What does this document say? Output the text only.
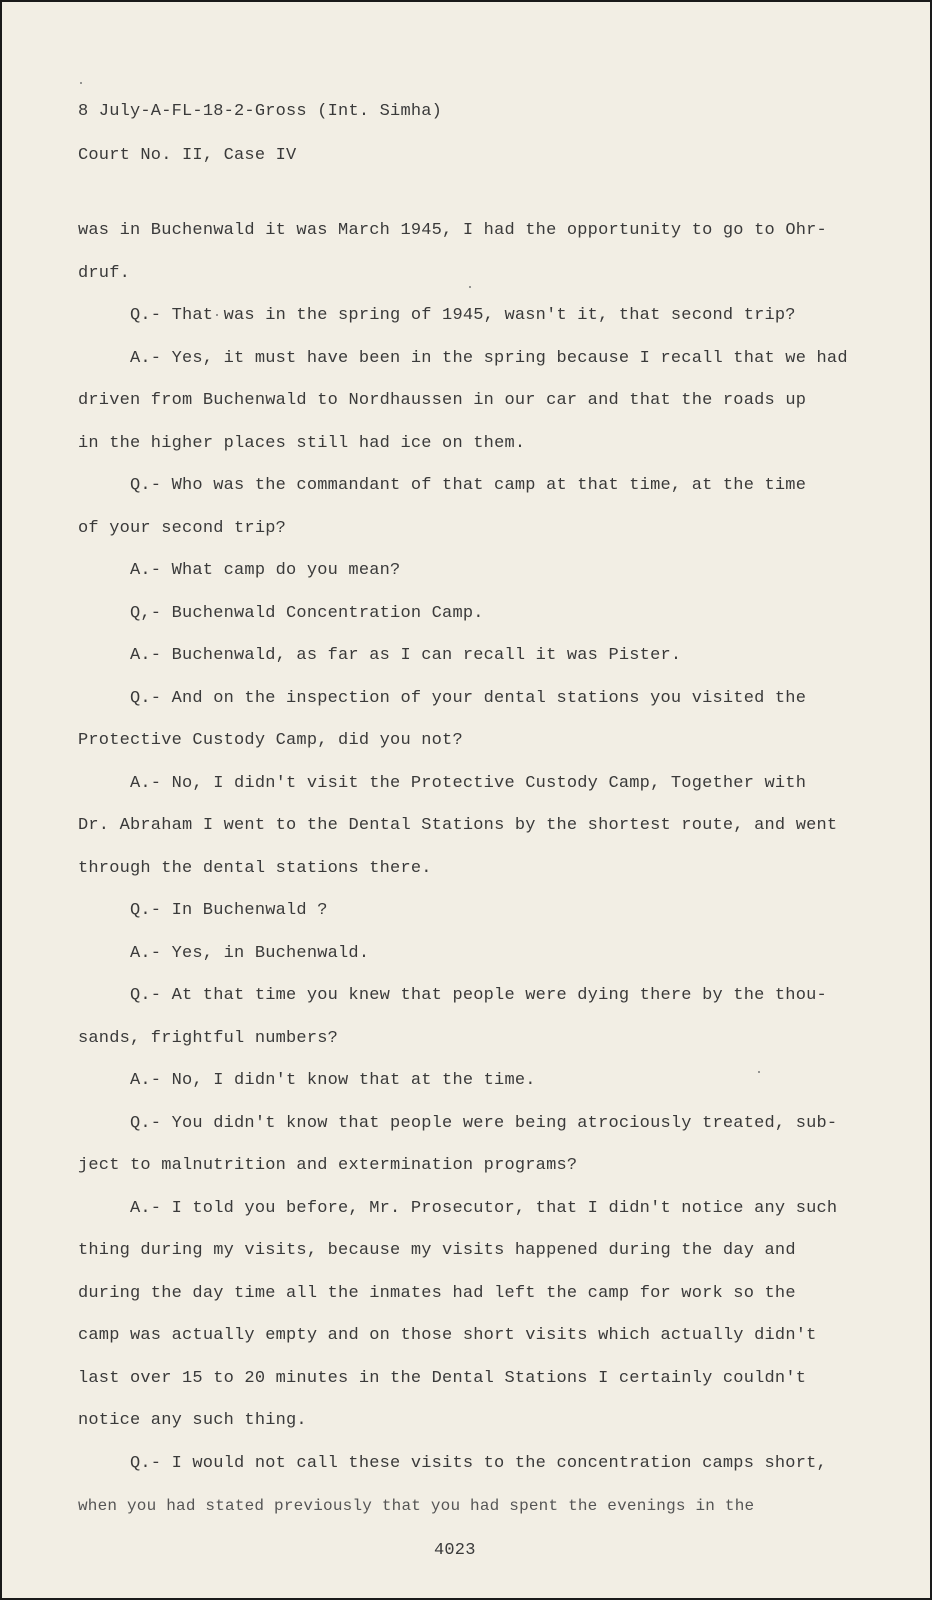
8 July-A-FL-18-2-Gross (Int. Simha)
Court No. II, Case IV
was in Buchenwald it was March 1945, I had the opportunity to go to Ohr-
druf.
Q.- That was in the spring of 1945, wasn't it, that second trip?
A.- Yes, it must have been in the spring because I recall that we had
driven from Buchenwald to Nordhaussen in our car and that the roads up
in the higher places still had ice on them.
Q.- Who was the commandant of that camp at that time, at the time
of your second trip?
A.- What camp do you mean?
Q,- Buchenwald Concentration Camp.
A.- Buchenwald, as far as I can recall it was Pister.
Q.- And on the inspection of your dental stations you visited the
Protective Custody Camp, did you not?
A.- No, I didn't visit the Protective Custody Camp, Together with
Dr. Abraham I went to the Dental Stations by the shortest route, and went
through the dental stations there.
Q.- In Buchenwald ?
A.- Yes, in Buchenwald.
Q.- At that time you knew that people were dying there by the thou-
sands, frightful numbers?
A.- No, I didn't know that at the time.
Q.- You didn't know that people were being atrociously treated, sub-
ject to malnutrition and extermination programs?
A.- I told you before, Mr. Prosecutor, that I didn't notice any such
thing during my visits, because my visits happened during the day and
during the day time all the inmates had left the camp for work so the
camp was actually empty and on those short visits which actually didn't
last over 15 to 20 minutes in the Dental Stations I certainly couldn't
notice any such thing.
Q.- I would not call these visits to the concentration camps short,
when you had stated previously that you had spent the evenings in the
4023
